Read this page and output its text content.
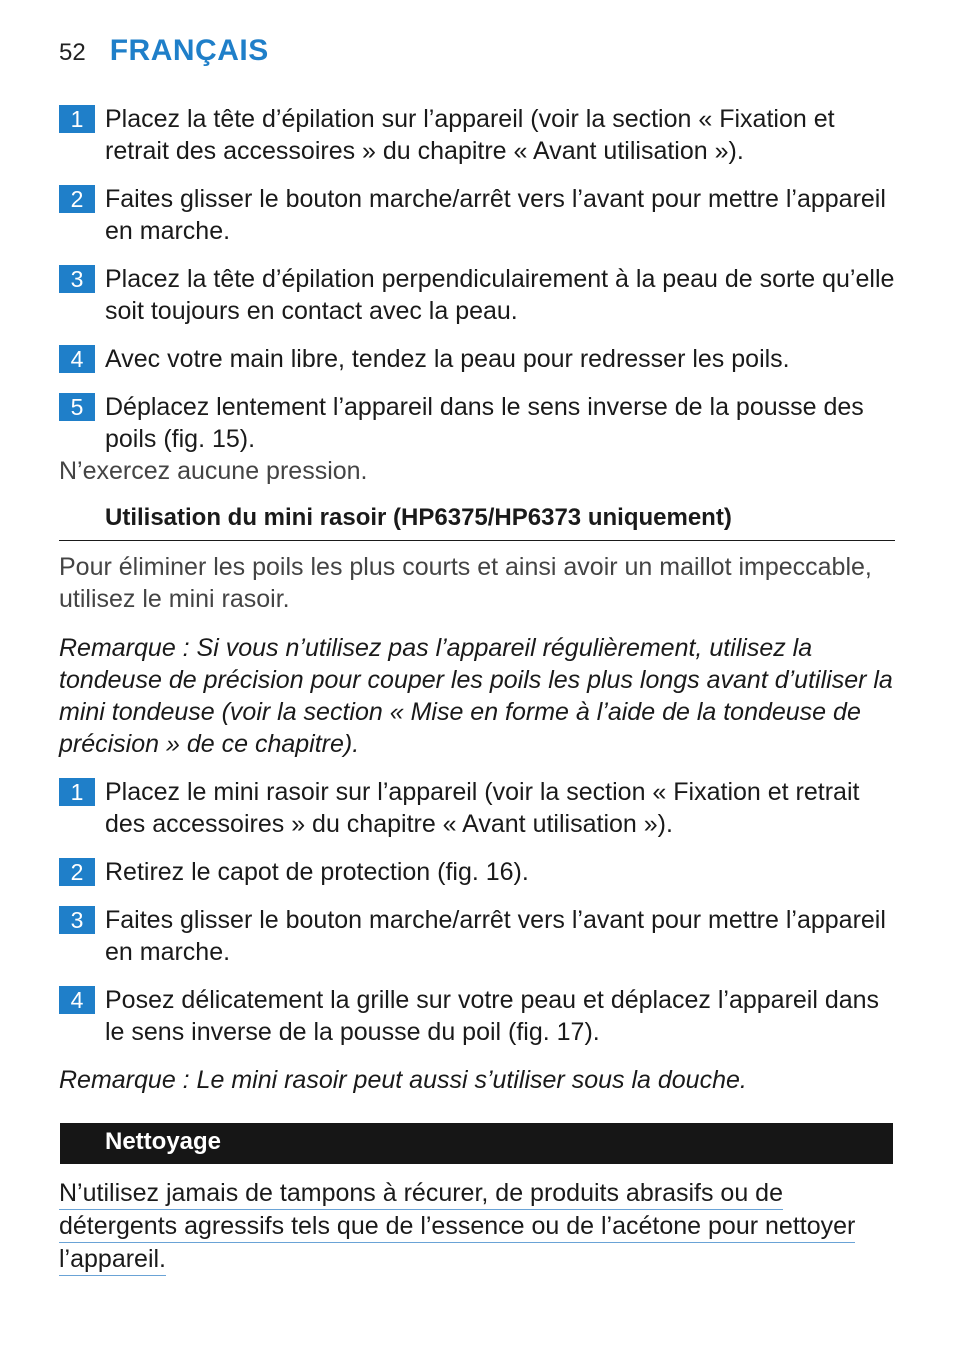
52 FRANÇAIS
1 Placez la tête d’épilation sur l’appareil (voir la section « Fixation et retrait des accessoires » du chapitre « Avant utilisation »).
2 Faites glisser le bouton marche/arrêt vers l’avant pour mettre l’appareil en marche.
3 Placez la tête d’épilation perpendiculairement à la peau de sorte qu’elle soit toujours en contact avec la peau.
4 Avec votre main libre, tendez la peau pour redresser les poils.
5 Déplacez lentement l’appareil dans le sens inverse de la pousse des poils (fig. 15).
N’exercez aucune pression.
Utilisation du mini rasoir (HP6375/HP6373 uniquement)
Pour éliminer les poils les plus courts et ainsi avoir un maillot impeccable, utilisez le mini rasoir.
Remarque : Si vous n’utilisez pas l’appareil régulièrement, utilisez la tondeuse de précision pour couper les poils les plus longs avant d’utiliser la mini tondeuse (voir la section « Mise en forme à l’aide de la tondeuse de précision » de ce chapitre).
1 Placez le mini rasoir sur l’appareil (voir la section « Fixation et retrait des accessoires » du chapitre « Avant utilisation »).
2 Retirez le capot de protection (fig. 16).
3 Faites glisser le bouton marche/arrêt vers l’avant pour mettre l’appareil en marche.
4 Posez délicatement la grille sur votre peau et déplacez l’appareil dans le sens inverse de la pousse du poil (fig. 17).
Remarque : Le mini rasoir peut aussi s’utiliser sous la douche.
Nettoyage
N’utilisez jamais de tampons à récurer, de produits abrasifs ou de
détergents agressifs tels que de l’essence ou de l’acétone pour nettoyer
l’appareil.
